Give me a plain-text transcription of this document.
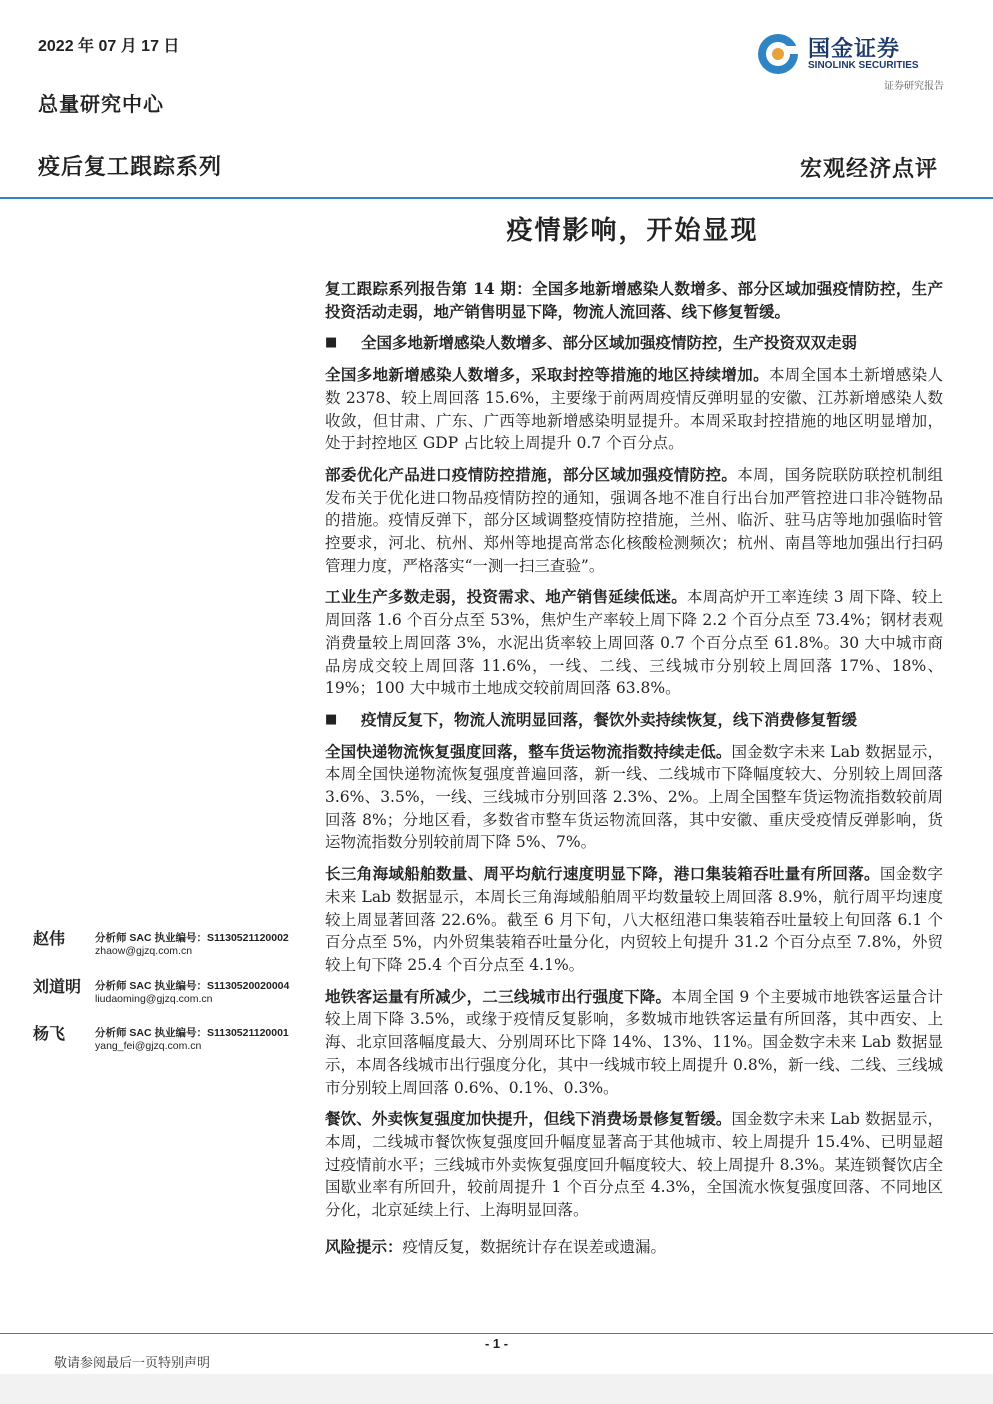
2022 年 07 月 17 日
总量研究中心
疫后复工跟踪系列	宏观经济点评
国金证券
SINOLINK SECURITIES
证券研究报告
疫情影响，开始显现

复工跟踪系列报告第 14 期：全国多地新增感染人数增多、部分区域加强疫情防控，生产投资活动走弱，地产销售明显下降，物流人流回落、线下修复暂缓。

■	全国多地新增感染人数增多、部分区域加强疫情防控，生产投资双双走弱

全国多地新增感染人数增多，采取封控等措施的地区持续增加。本周全国本土新增感染人数 2378、较上周回落 15.6%，主要缘于前两周疫情反弹明显的安徽、江苏新增感染人数收敛，但甘肃、广东、广西等地新增感染明显提升。本周采取封控措施的地区明显增加，处于封控地区 GDP 占比较上周提升 0.7 个百分点。

部委优化产品进口疫情防控措施，部分区域加强疫情防控。本周，国务院联防联控机制组发布关于优化进口物品疫情防控的通知，强调各地不准自行出台加严管控进口非冷链物品的措施。疫情反弹下，部分区域调整疫情防控措施，兰州、临沂、驻马店等地加强临时管控要求，河北、杭州、郑州等地提高常态化核酸检测频次；杭州、南昌等地加强出行扫码管理力度，严格落实“一测一扫三查验”。

工业生产多数走弱，投资需求、地产销售延续低迷。本周高炉开工率连续 3 周下降、较上周回落 1.6 个百分点至 53%，焦炉生产率较上周下降 2.2 个百分点至 73.4%；钢材表观消费量较上周回落 3%，水泥出货率较上周回落 0.7 个百分点至 61.8%。30 大中城市商品房成交较上周回落 11.6%，一线、二线、三线城市分别较上周回落 17%、18%、19%；100 大中城市土地成交较前周回落 63.8%。

■	疫情反复下，物流人流明显回落，餐饮外卖持续恢复，线下消费修复暂缓

全国快递物流恢复强度回落，整车货运物流指数持续走低。国金数字未来 Lab 数据显示，本周全国快递物流恢复强度普遍回落，新一线、二线城市下降幅度较大、分别较上周回落 3.6%、3.5%，一线、三线城市分别回落 2.3%、2%。上周全国整车货运物流指数较前周回落 8%；分地区看，多数省市整车货运物流回落，其中安徽、重庆受疫情反弹影响，货运物流指数分别较前周下降 5%、7%。

长三角海域船舶数量、周平均航行速度明显下降，港口集装箱吞吐量有所回落。国金数字未来 Lab 数据显示，本周长三角海域船舶周平均数量较上周回落 8.9%，航行周平均速度较上周显著回落 22.6%。截至 6 月下旬，八大枢纽港口集装箱吞吐量较上旬回落 6.1 个百分点至 5%，内外贸集装箱吞吐量分化，内贸较上旬提升 31.2 个百分点至 7.8%，外贸较上旬下降 25.4 个百分点至 4.1%。

地铁客运量有所减少，二三线城市出行强度下降。本周全国 9 个主要城市地铁客运量合计较上周下降 3.5%，或缘于疫情反复影响，多数城市地铁客运量有所回落，其中西安、上海、北京回落幅度最大、分别周环比下降 14%、13%、11%。国金数字未来 Lab 数据显示，本周各线城市出行强度分化，其中一线城市较上周提升 0.8%，新一线、二线、三线城市分别较上周回落 0.6%、0.1%、0.3%。

餐饮、外卖恢复强度加快提升，但线下消费场景修复暂缓。国金数字未来 Lab 数据显示，本周，二线城市餐饮恢复强度回升幅度显著高于其他城市、较上周提升 15.4%、已明显超过疫情前水平；三线城市外卖恢复强度回升幅度较大、较上周提升 8.3%。某连锁餐饮店全国歇业率有所回升，较前周提升 1 个百分点至 4.3%，全国流水恢复强度回落、不同地区分化，北京延续上行、上海明显回落。

风险提示：疫情反复，数据统计存在误差或遗漏。

赵伟	分析师 SAC 执业编号：S1130521120002
zhaow@gjzq.com.cn
刘道明	分析师 SAC 执业编号：S1130520020004
liudaoming@gjzq.com.cn
杨飞	分析师 SAC 执业编号：S1130521120001
yang_fei@gjzq.com.cn
- 1 -
敬请参阅最后一页特别声明
